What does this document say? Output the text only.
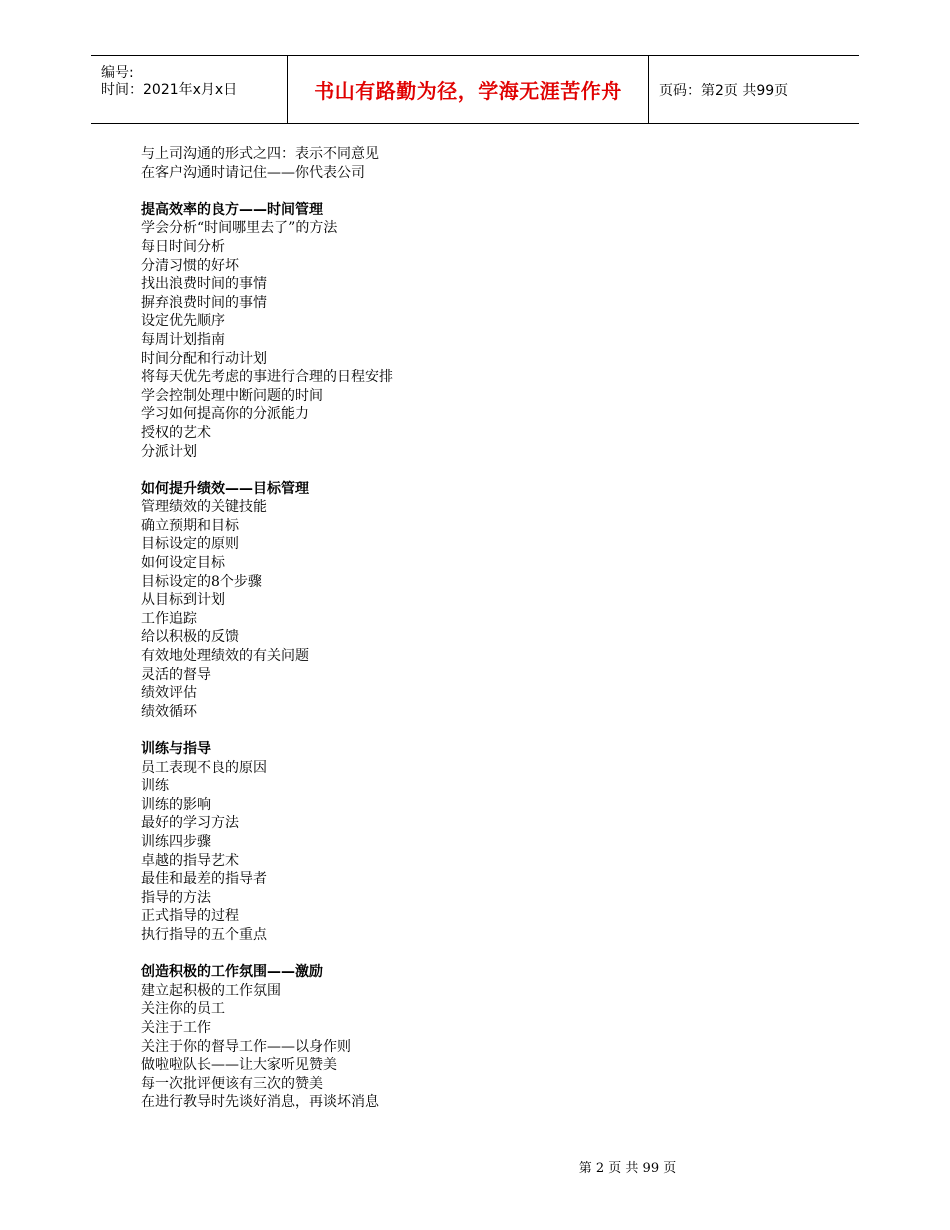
编号:
时间：2021年x月x日	书山有路勤为径，学海无涯苦作舟	页码：第2页 共99页
与上司沟通的形式之四：表示不同意见
在客户沟通时请记住——你代表公司
提高效率的良方——时间管理
学会分析“时间哪里去了”的方法
每日时间分析
分清习惯的好坏
找出浪费时间的事情
摒弃浪费时间的事情
设定优先顺序
每周计划指南
时间分配和行动计划
将每天优先考虑的事进行合理的日程安排
学会控制处理中断问题的时间
学习如何提高你的分派能力
授权的艺术
分派计划
如何提升绩效——目标管理
管理绩效的关键技能
确立预期和目标
目标设定的原则
如何设定目标
目标设定的8个步骤
从目标到计划
工作追踪
给以积极的反馈
有效地处理绩效的有关问题
灵活的督导
绩效评估
绩效循环
训练与指导
员工表现不良的原因
训练
训练的影响
最好的学习方法
训练四步骤
卓越的指导艺术
最佳和最差的指导者
指导的方法
正式指导的过程
执行指导的五个重点
创造积极的工作氛围——激励
建立起积极的工作氛围
关注你的员工
关注于工作
关注于你的督导工作——以身作则
做啦啦队长——让大家听见赞美
每一次批评便该有三次的赞美
在进行教导时先谈好消息，再谈坏消息
第 2 页 共 99 页
